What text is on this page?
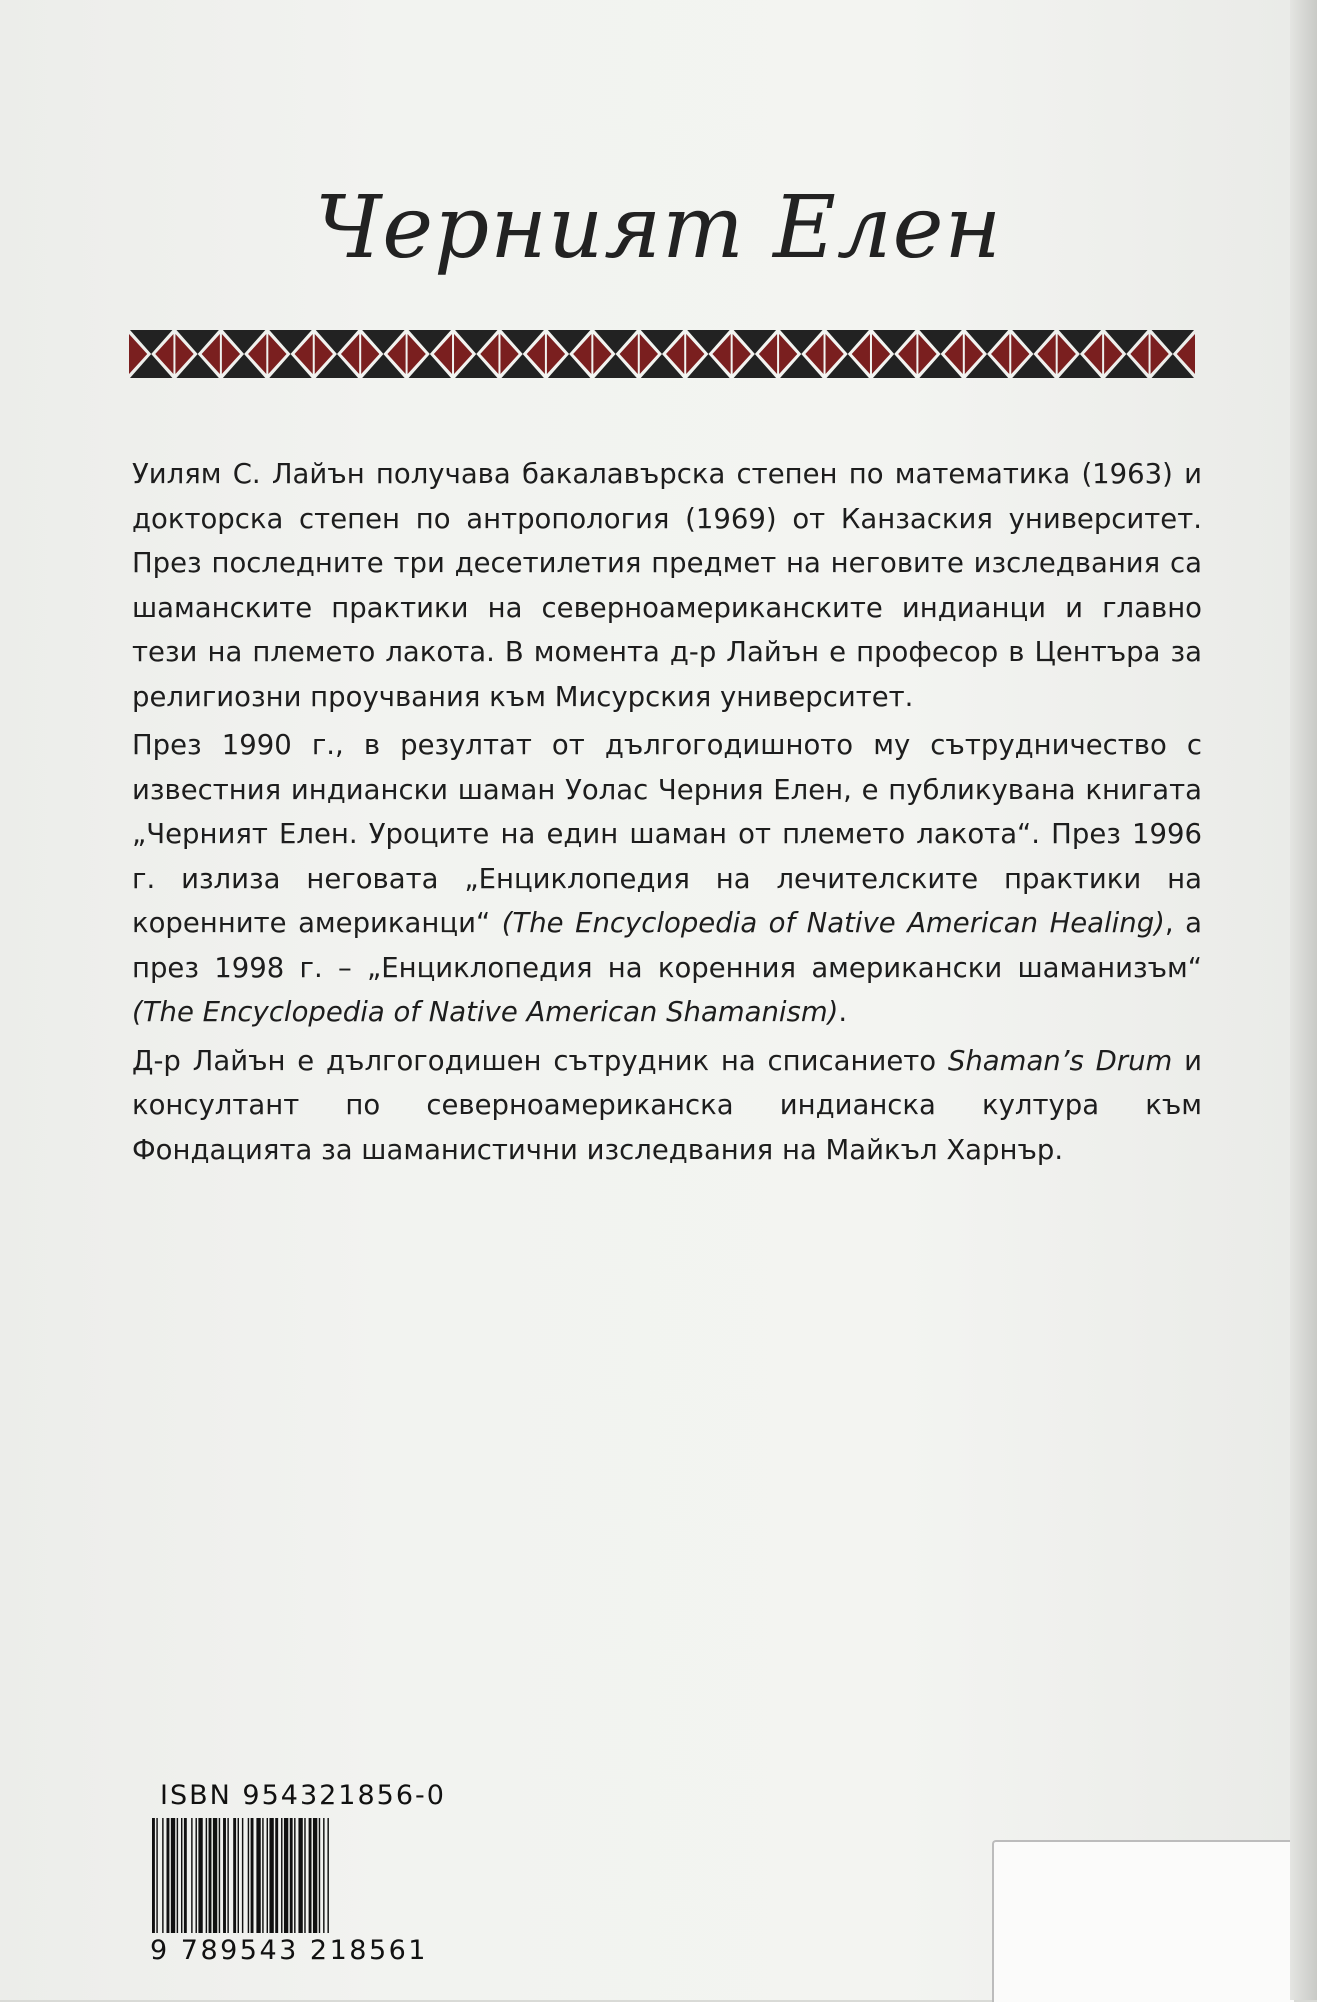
Черният Елен

Уилям С. Лайън получава бакалавърска степен по математика (1963) и докторска степен по антропология (1969) от Канзаския университет. През последните три десетилетия предмет на неговите изследвания са шаманските практики на северноамериканските индианци и главно тези на племето лакота. В момента д-р Лайън е професор в Центъра за религиозни проучвания към Мисурския университет.

През 1990 г., в резултат от дългогодишното му сътрудничество с известния индиански шаман Уолас Черния Елен, е публикувана книгата „Черният Елен. Уроците на един шаман от племето лакота“. През 1996 г. излиза неговата „Енциклопедия на лечителските практики на коренните американци“ (The Encyclopedia of Native American Healing), а през 1998 г. – „Енциклопедия на коренния американски шаманизъм“ (The Encyclopedia of Native American Shamanism).

Д-р Лайън е дългогодишен сътрудник на списанието Shaman’s Drum и консултант по северноамериканска индианска култура към Фондацията за шаманистични изследвания на Майкъл Харнър.

ISBN 954321856-0
9 789543 218561
